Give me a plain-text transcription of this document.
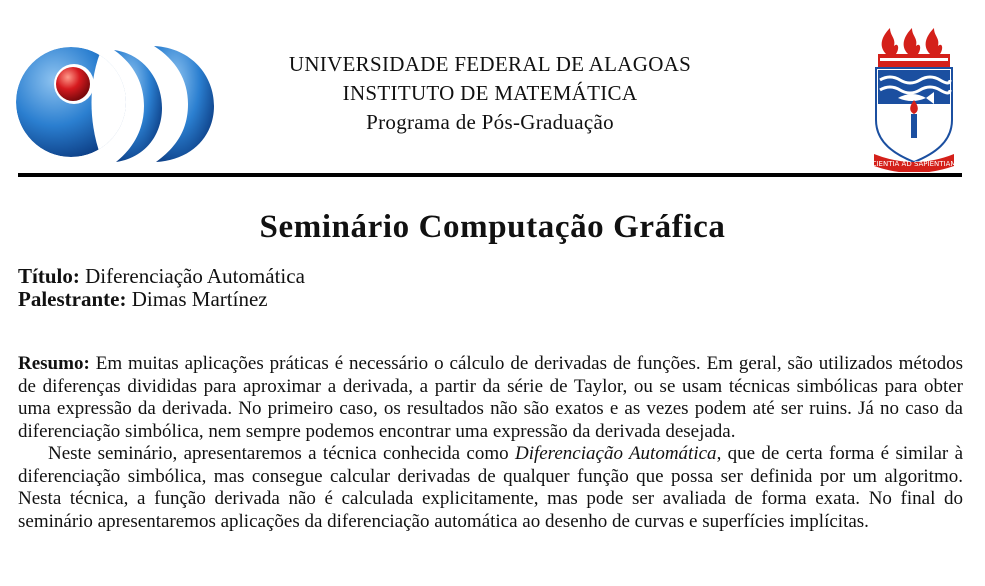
UNIVERSIDADE FEDERAL DE ALAGOAS
INSTITUTO DE MATEMÁTICA
Programa de Pós-Graduação
CIENTIA AD SAPIENTIAM
Seminário Computação Gráfica
Título: Diferenciação Automática
Palestrante: Dimas Martínez

Resumo: Em muitas aplicações práticas é necessário o cálculo de derivadas de funções. Em geral, são utilizados métodos de diferenças divididas para aproximar a derivada, a partir da série de Taylor, ou se usam técnicas simbólicas para obter uma expressão da derivada. No primeiro caso, os resultados não são exatos e as vezes podem até ser ruins. Já no caso da diferenciação simbólica, nem sempre podemos encontrar uma expressão da derivada desejada.

Neste seminário, apresentaremos a técnica conhecida como Diferenciação Automática, que de certa forma é similar à diferenciação simbólica, mas consegue calcular derivadas de qualquer função que possa ser definida por um algoritmo. Nesta técnica, a função derivada não é calculada explicitamente, mas pode ser avaliada de forma exata. No final do seminário apresentaremos aplicações da diferenciação automática ao desenho de curvas e superfícies implícitas.
